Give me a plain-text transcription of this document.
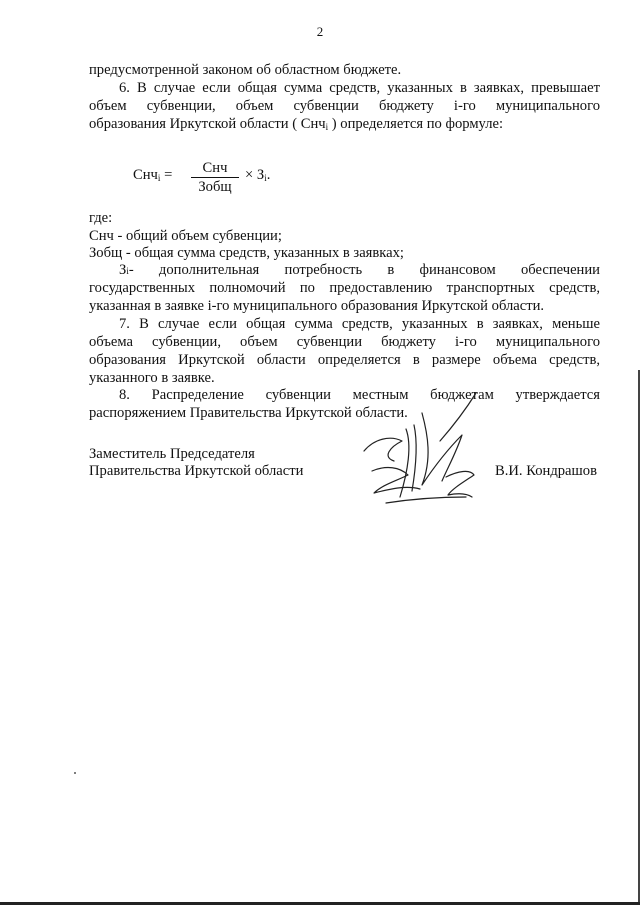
2
предусмотренной законом об областном бюджете.
6. В случае если общая сумма средств, указанных в заявках, превышает
объем субвенции, объем субвенции бюджету i-го муниципального
образования Иркутской области ( Снч$_i$ ) определяется по формуле:
Снч$_i$ =	Снч
Зобщ
× $З_i$.
где:
Снч - общий объем субвенции;
Зобщ - общая сумма средств, указанных в заявках;
З i - дополнительная потребность в финансовом обеспечении
государственных полномочий по предоставлению транспортных средств,
указанная в заявке i-го муниципального образования Иркутской области.
7. В случае если общая сумма средств, указанных в заявках, меньше
объема субвенции, объем субвенции бюджету i-го муниципального
образования Иркутской области определяется в размере объема средств,
указанного в заявке.
8. Распределение субвенции местным бюджетам утверждается
распоряжением Правительства Иркутской области.
Заместитель Председателя
Правительства Иркутской области	В.И. Кондрашов
